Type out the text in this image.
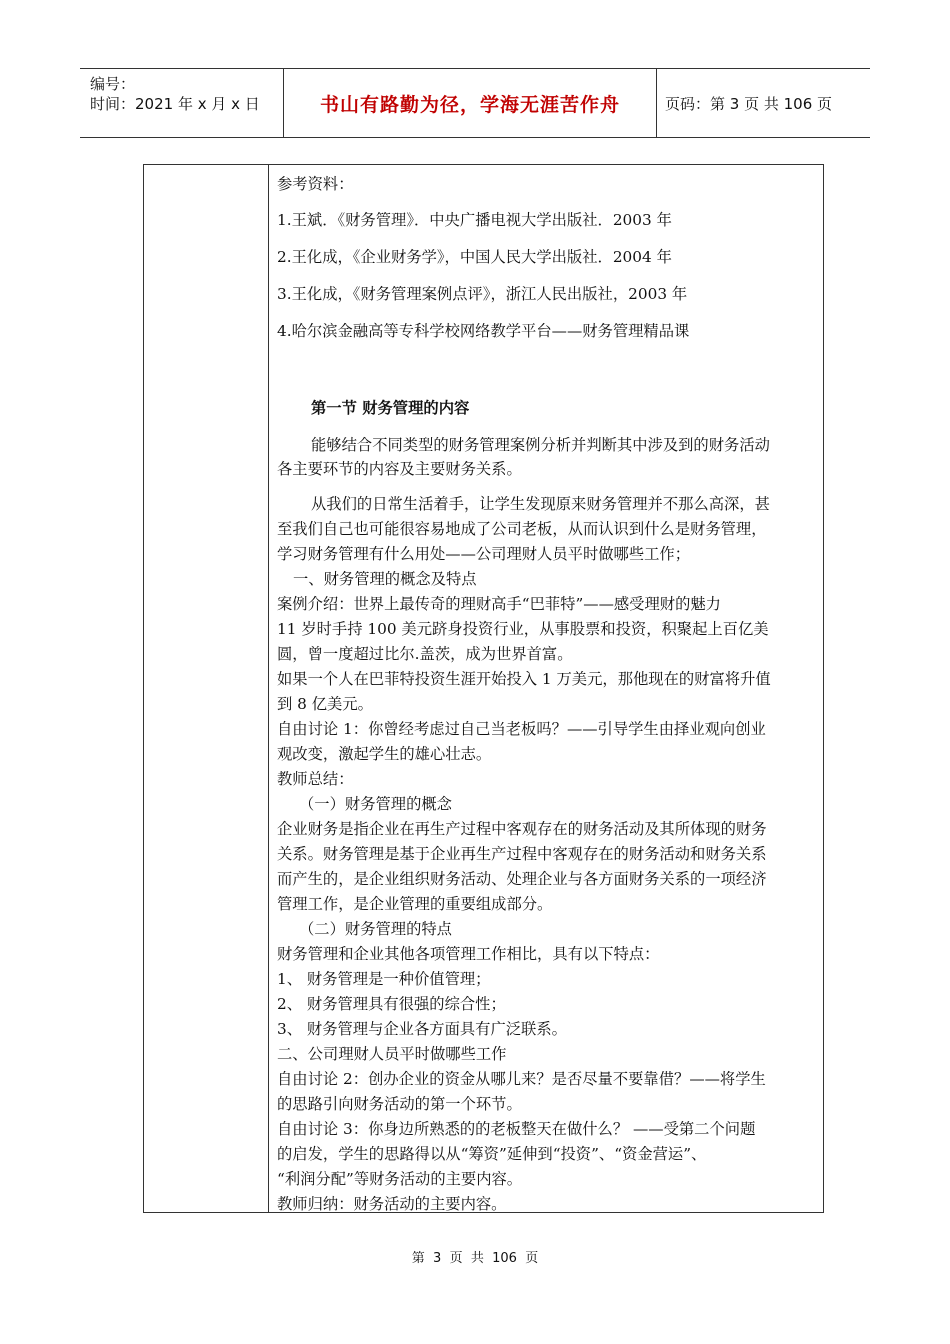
编号：
时间：2021 年 x 月 x 日	书山有路勤为径，学海无涯苦作舟	页码：第 3 页 共 106 页
参考资料：
1.王斌．《财务管理》．中央广播电视大学出版社．2003 年
2.王化成，《企业财务学》，中国人民大学出版社．2004 年
3.王化成，《财务管理案例点评》，浙江人民出版社，2003 年
4.哈尔滨金融高等专科学校网络教学平台——财务管理精品课
第一节 财务管理的内容
能够结合不同类型的财务管理案例分析并判断其中涉及到的财务活动
各主要环节的内容及主要财务关系。
从我们的日常生活着手，让学生发现原来财务管理并不那么高深，甚
至我们自己也可能很容易地成了公司老板，从而认识到什么是财务管理，
学习财务管理有什么用处——公司理财人员平时做哪些工作；
一、财务管理的概念及特点
案例介绍：世界上最传奇的理财高手“巴菲特”——感受理财的魅力
11 岁时手持 100 美元跻身投资行业，从事股票和投资，积聚起上百亿美
圆，曾一度超过比尔.盖茨，成为世界首富。
如果一个人在巴菲特投资生涯开始投入 1 万美元，那他现在的财富将升值
到 8 亿美元。
自由讨论 1：你曾经考虑过自己当老板吗？——引导学生由择业观向创业
观改变，激起学生的雄心壮志。
教师总结：
（一）财务管理的概念
企业财务是指企业在再生产过程中客观存在的财务活动及其所体现的财务
关系。财务管理是基于企业再生产过程中客观存在的财务活动和财务关系
而产生的，是企业组织财务活动、处理企业与各方面财务关系的一项经济
管理工作，是企业管理的重要组成部分。
（二）财务管理的特点
财务管理和企业其他各项管理工作相比，具有以下特点：
1、 财务管理是一种价值管理；
2、 财务管理具有很强的综合性；
3、 财务管理与企业各方面具有广泛联系。
二、公司理财人员平时做哪些工作
自由讨论 2：创办企业的资金从哪儿来？是否尽量不要靠借？——将学生
的思路引向财务活动的第一个环节。
自由讨论 3：你身边所熟悉的的老板整天在做什么？ ——受第二个问题
的启发，学生的思路得以从“筹资”延伸到“投资”、“资金营运”、
“利润分配”等财务活动的主要内容。
教师归纳：财务活动的主要内容。
第  3  页  共  106  页
